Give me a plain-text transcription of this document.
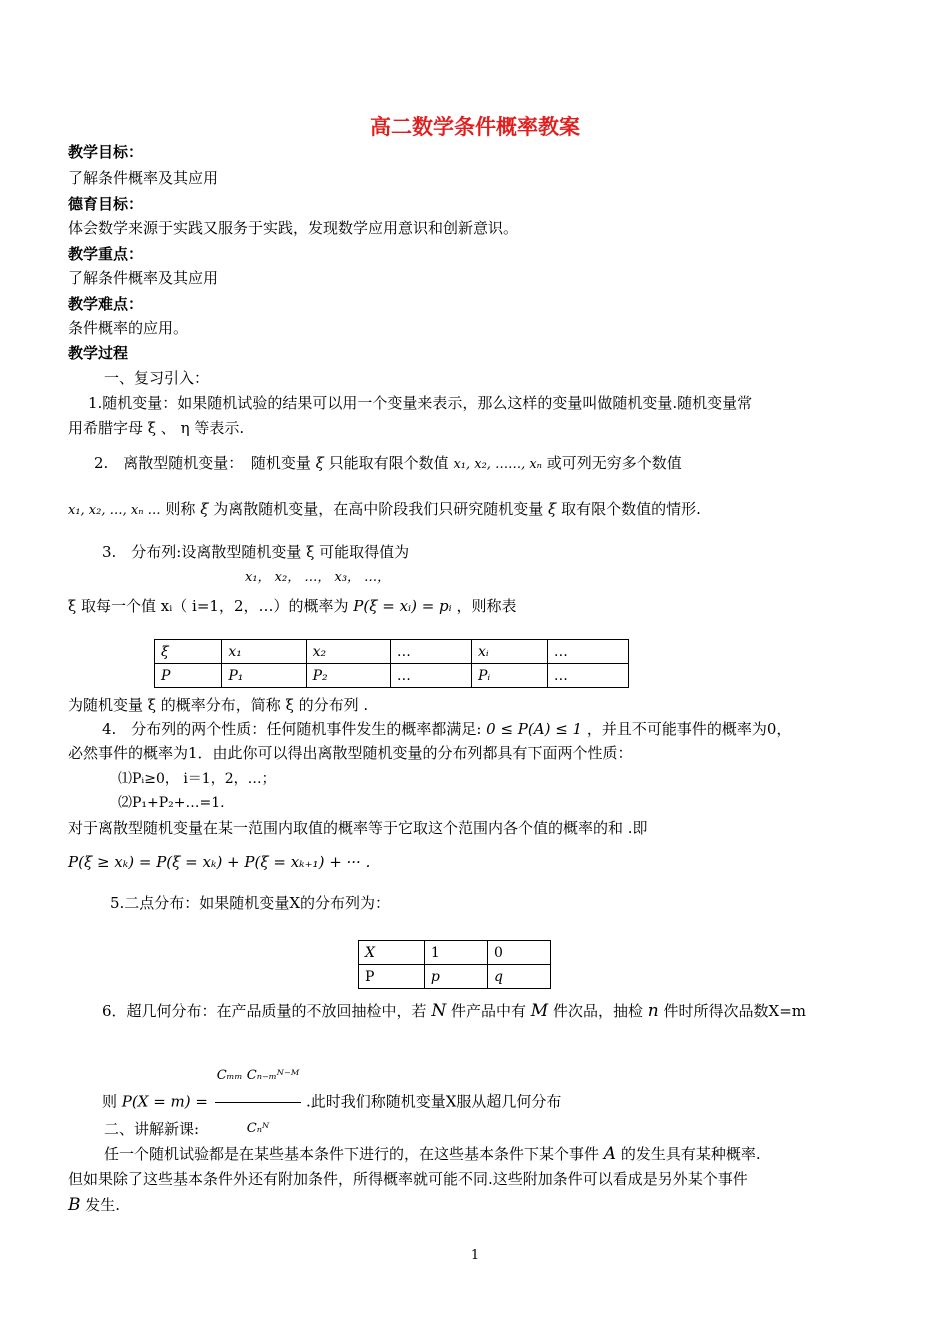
高二数学条件概率教案
教学目标：
了解条件概率及其应用
德育目标：
体会数学来源于实践又服务于实践，发现数学应用意识和创新意识。
教学重点：
了解条件概率及其应用
教学难点：
条件概率的应用。
教学过程
一、复习引入：
1.随机变量：如果随机试验的结果可以用一个变量来表示，那么这样的变量叫做随机变量.随机变量常
用希腊字母 ξ 、 η 等表示.
2.　离散型随机变量：　随机变量 ξ 只能取有限个数值 x₁, x₂, ……, xₙ 或可列无穷多个数值
x₁, x₂, …, xₙ … 则称 ξ 为离散随机变量，在高中阶段我们只研究随机变量 ξ 取有限个数值的情形.
3.　分布列:设离散型随机变量 ξ 可能取得值为
x₁， x₂， …， x₃， …，
ξ 取每一个值 xᵢ（ i=1，2，…）的概率为 P(ξ = xᵢ) = pᵢ ，则称表
ξ	x₁	x₂	…	xᵢ	…
P	P₁	P₂	…	Pᵢ	…
为随机变量 ξ 的概率分布，简称 ξ 的分布列 .
4.　分布列的两个性质：任何随机事件发生的概率都满足: 0 ≤ P(A) ≤ 1 ，并且不可能事件的概率为0，
必然事件的概率为1．由此你可以得出离散型随机变量的分布列都具有下面两个性质：
⑴Pᵢ≥0， i＝1，2，…；
⑵P₁+P₂+…=1.
对于离散型随机变量在某一范围内取值的概率等于它取这个范围内各个值的概率的和 .即
P(ξ ≥ xₖ) = P(ξ = xₖ) + P(ξ = xₖ₊₁) + ··· .
5.二点分布：如果随机变量X的分布列为：
X	1	0
P	p	q
6．超几何分布：在产品质量的不放回抽检中，若 N 件产品中有 M 件次品，抽检 n 件时所得次品数X=m
则 $P(X = m) = \frac{\text{Cₘₘ Cₙ₋ₘᴺ⁻ᴹ}}{\text{Cₙᴺ}}$ .此时我们称随机变量X服从超几何分布
二、讲解新课:
任一个随机试验都是在某些基本条件下进行的，在这些基本条件下某个事件 A 的发生具有某种概率.
但如果除了这些基本条件外还有附加条件，所得概率就可能不同.这些附加条件可以看成是另外某个事件
B 发生.
1
